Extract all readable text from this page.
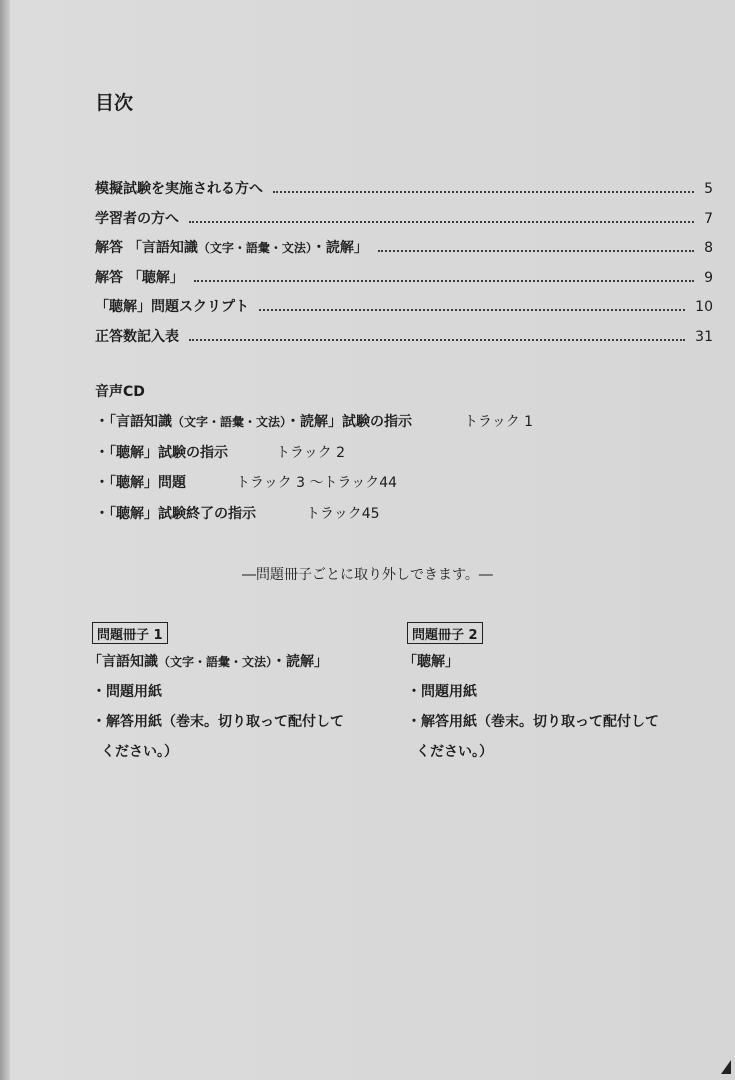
目次
模擬試験を実施される方へ	5
学習者の方へ	7
解答 「言語知識（文字・語彙・文法）・読解」	8
解答 「聴解」	9
「聴解」問題スクリプト	10
正答数記入表	31
音声CD
・「言語知識（文字・語彙・文法）・読解」試験の指示	トラック 1
・「聴解」試験の指示	トラック 2
・「聴解」問題	トラック 3 ～トラック44
・「聴解」試験終了の指示	トラック45
―問題冊子ごとに取り外しできます。―
問題冊子 1
「言語知識（文字・語彙・文法）・読解」
・問題用紙
・解答用紙（巻末。切り取って配付して
ください。）
問題冊子 2
「聴解」
・問題用紙
・解答用紙（巻末。切り取って配付して
ください。）
